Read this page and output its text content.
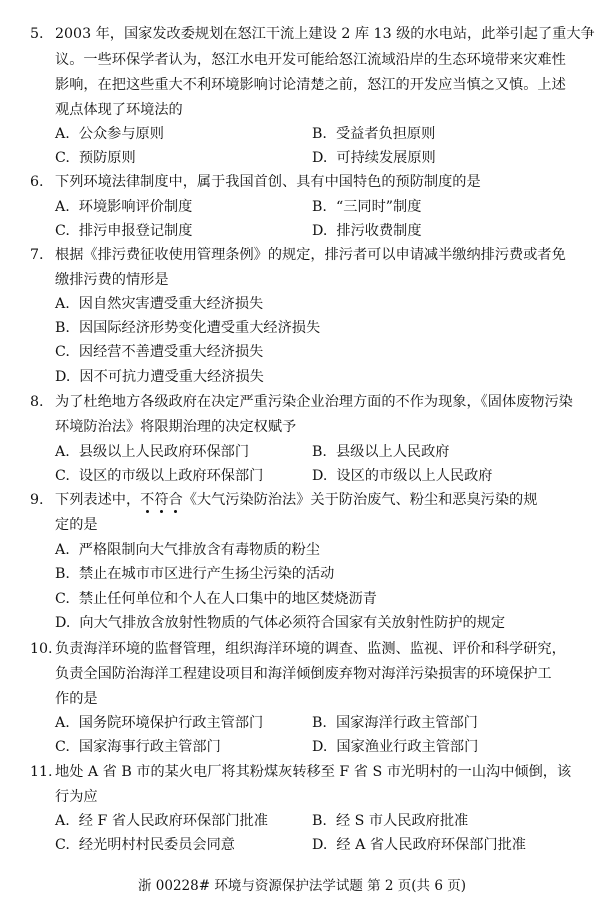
5. 2003 年，国家发改委规划在怒江干流上建设 2 库 13 级的水电站，此举引起了重大争
议。一些环保学者认为，怒江水电开发可能给怒江流域沿岸的生态环境带来灾难性
影响，在把这些重大不利环境影响讨论清楚之前，怒江的开发应当慎之又慎。上述
观点体现了环境法的
A. 公众参与原则	B. 受益者负担原则
C. 预防原则	D. 可持续发展原则
6. 下列环境法律制度中，属于我国首创、具有中国特色的预防制度的是
A. 环境影响评价制度	B. “三同时”制度
C. 排污申报登记制度	D. 排污收费制度
7. 根据《排污费征收使用管理条例》的规定，排污者可以申请减半缴纳排污费或者免
缴排污费的情形是
A. 因自然灾害遭受重大经济损失
B. 因国际经济形势变化遭受重大经济损失
C. 因经营不善遭受重大经济损失
D. 因不可抗力遭受重大经济损失
8. 为了杜绝地方各级政府在决定严重污染企业治理方面的不作为现象，《固体废物污染
环境防治法》将限期治理的决定权赋予
A. 县级以上人民政府环保部门	B. 县级以上人民政府
C. 设区的市级以上政府环保部门	D. 设区的市级以上人民政府
9. 下列表述中，不符合
《大气污染防治法》关于防治废气、粉尘和恶臭污染的规
定的是
A. 严格限制向大气排放含有毒物质的粉尘
B. 禁止在城市市区进行产生扬尘污染的活动
C. 禁止任何单位和个人在人口集中的地区焚烧沥青
D. 向大气排放含放射性物质的气体必须符合国家有关放射性防护的规定
10. 负责海洋环境的监督管理，组织海洋环境的调查、监测、监视、评价和科学研究，
负责全国防治海洋工程建设项目和海洋倾倒废弃物对海洋污染损害的环境保护工
作的是
A. 国务院环境保护行政主管部门	B. 国家海洋行政主管部门
C. 国家海事行政主管部门	D. 国家渔业行政主管部门
11. 地处 A 省 B 市的某火电厂将其粉煤灰转移至 F 省 S 市光明村的一山沟中倾倒，该
行为应
A. 经 F 省人民政府环保部门批准	B. 经 S 市人民政府批准
C. 经光明村村民委员会同意	D. 经 A 省人民政府环保部门批准
浙 00228# 环境与资源保护法学试题 第 2 页(共 6 页)
